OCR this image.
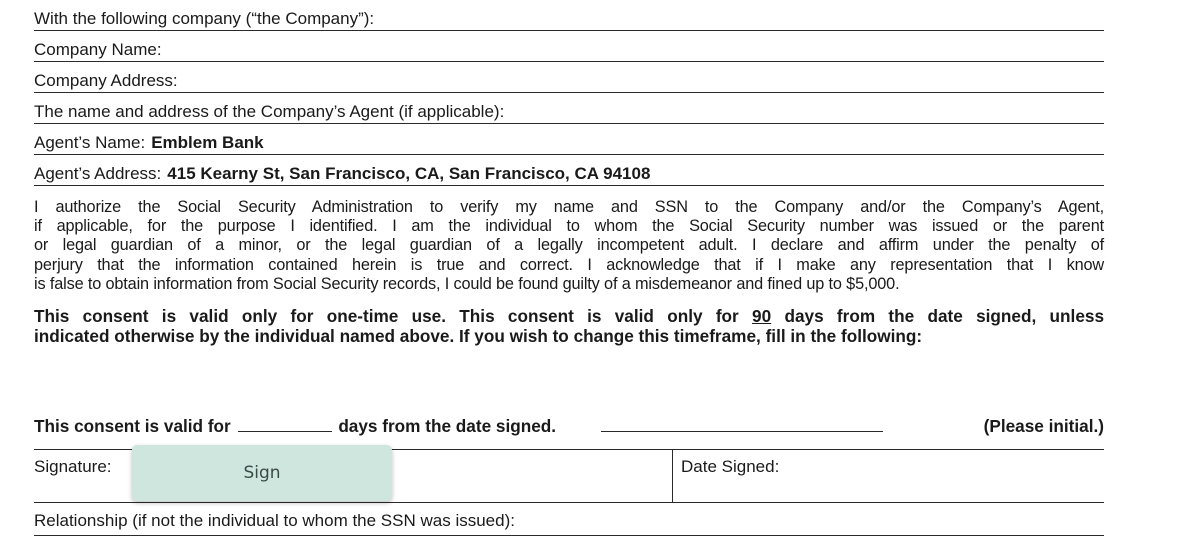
With the following company (“the Company”):
Company Name:
Company Address:
The name and address of the Company’s Agent (if applicable):
Agent’s Name: Emblem Bank
Agent’s Address: 415 Kearny St, San Francisco, CA, San Francisco, CA 94108
I authorize the Social Security Administration to verify my name and SSN to the Company and/or the Company’s Agent,
if applicable, for the purpose I identified. I am the individual to whom the Social Security number was issued or the parent
or legal guardian of a minor, or the legal guardian of a legally incompetent adult. I declare and affirm under the penalty of
perjury that the information contained herein is true and correct. I acknowledge that if I make any representation that I know
is false to obtain information from Social Security records, I could be found guilty of a misdemeanor and fined up to $5,000.
This consent is valid only for one-time use. This consent is valid only for 90 days from the date signed, unless
indicated otherwise by the individual named above. If you wish to change this timeframe, fill in the following:
This consent is valid for	days from the date signed.	(Please initial.)
Signature:	Sign	Date Signed:
Relationship (if not the individual to whom the SSN was issued):
